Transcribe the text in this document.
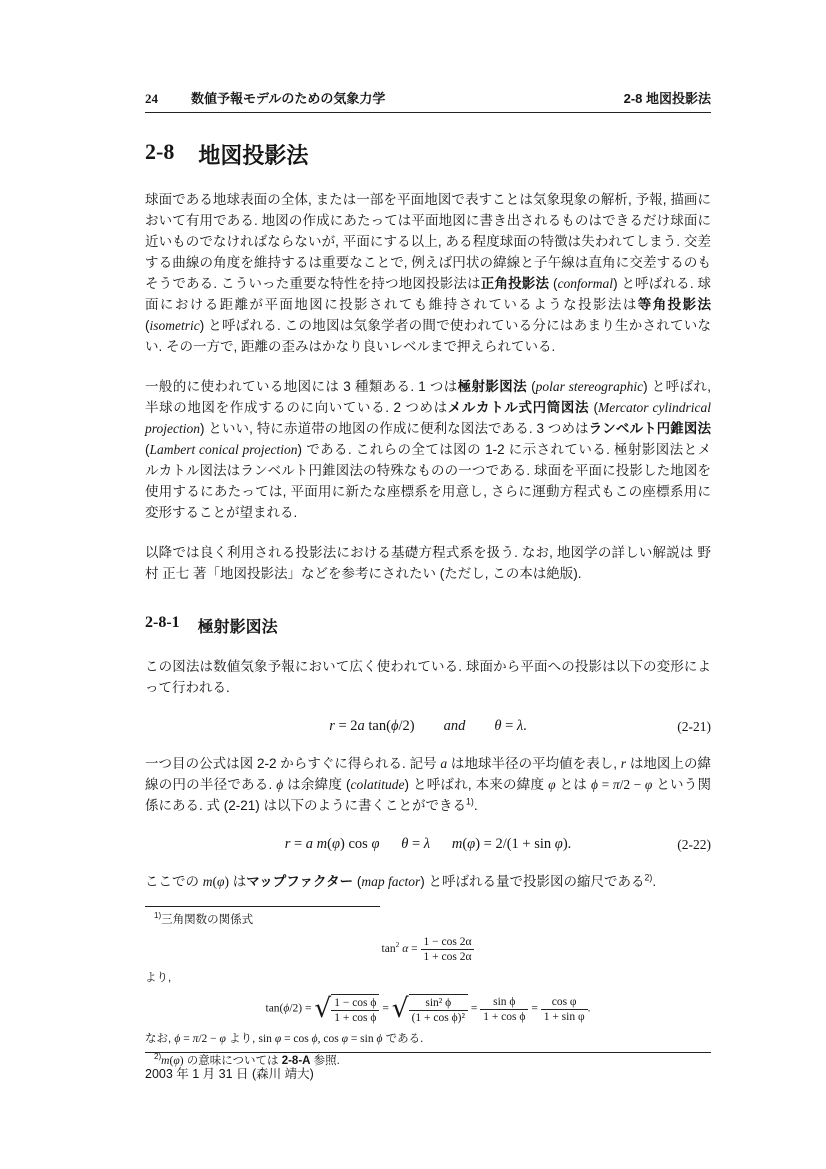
24	数値予報モデルのための気象力学	2-8 地図投影法
2-8 地図投影法

球面である地球表面の全体, または一部を平面地図で表すことは気象現象の解析, 予報, 描画において有用である. 地図の作成にあたっては平面地図に書き出されるものはできるだけ球面に近いものでなければならないが, 平面にする以上, ある程度球面の特徴は失われてしまう. 交差する曲線の角度を維持するは重要なことで, 例えば円状の緯線と子午線は直角に交差するのもそうである. こういった重要な特性を持つ地図投影法は正角投影法 (conformal) と呼ばれる. 球面における距離が平面地図に投影されても維持されているような投影法は等角投影法 (isometric) と呼ばれる. この地図は気象学者の間で使われている分にはあまり生かされていない. その一方で, 距離の歪みはかなり良いレベルまで押えられている.

一般的に使われている地図には 3 種類ある. 1 つは極射影図法 (polar stereographic) と呼ばれ, 半球の地図を作成するのに向いている. 2 つめはメルカトル式円筒図法 (Mercator cylindrical projection) といい, 特に赤道帯の地図の作成に便利な図法である. 3 つめはランベルト円錐図法 (Lambert conical projection) である. これらの全ては図の 1-2 に示されている. 極射影図法とメルカトル図法はランベルト円錐図法の特殊なものの一つである. 球面を平面に投影した地図を使用するにあたっては, 平面用に新たな座標系を用意し, さらに運動方程式もこの座標系用に変形することが望まれる.

以降では良く利用される投影法における基礎方程式系を扱う. なお, 地図学の詳しい解説は 野村 正七 著「地図投影法」などを参考にされたい (ただし, この本は絶版).

2-8-1 極射影図法

この図法は数値気象予報において広く使われている. 球面から平面への投影は以下の変形によって行われる.

r = 2a tan(ϕ/2)   and   θ = λ.	(2-21)

一つ目の公式は図 2-2 からすぐに得られる. 記号 a は地球半径の平均値を表し, r は地図上の緯線の円の半径である. ϕ は余緯度 (colatitude) と呼ばれ, 本来の緯度 φ とは ϕ = π/2 − φ という関係にある. 式 (2-21) は以下のように書くことができる$^{1)}$.

r = a m(φ) cos φ   θ = λ   m(φ) = 2/(1 + sin φ).	(2-22)

ここでの m(φ) はマップファクター (map factor) と呼ばれる量で投影図の縮尺である$^{2)}$.

$^{1)}$三角関数の関係式
$\tan^2 \alpha = \frac{1 - \cos 2\alpha}{1 + \cos 2\alpha}$
より,
tan(ϕ/2) = √ $\frac{\text{1 − cos ϕ}}{\text{1 + cos ϕ}}$ = √ $\frac{\text{sin² ϕ}}{\text{(1 + cos ϕ)²}} = \frac{\text{sin ϕ}}{\text{1 + cos ϕ}} = \frac{\text{cos φ}}{\text{1 + sin φ}}$ .
なお, ϕ = π/2 − φ より, sin φ = cos ϕ, cos φ = sin ϕ である.
$^{2)}$m(φ) の意味については 2-8-A 参照.
2003 年 1 月 31 日 (森川 靖大)
